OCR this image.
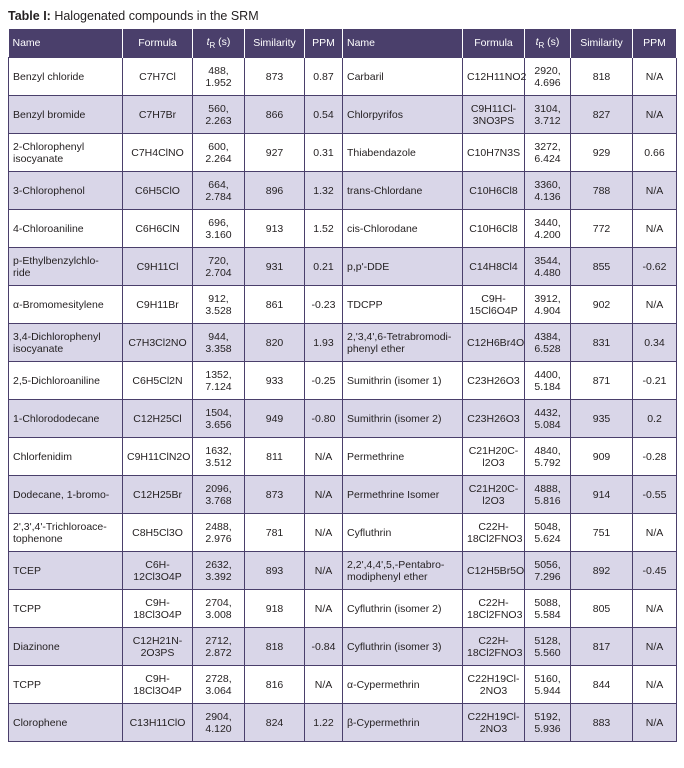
Table I: Halogenated compounds in the SRM
Name	Formula	$t_R$ (s)	Similarity	PPM	Name	Formula	$t_R$ (s)	Similarity	PPM
Benzyl chloride	C7H7Cl	488, 1.952	873	0.87	Carbaril	C12H11NO2	2920, 4.696	818	N/A
Benzyl bromide	C7H7Br	560, 2.263	866	0.54	Chlorpyrifos	C9H11Cl-3NO3PS	3104, 3.712	827	N/A
2-Chlorophenyl isocyanate	C7H4ClNO	600, 2.264	927	0.31	Thiabendazole	C10H7N3S	3272, 6.424	929	0.66
3-Chlorophenol	C6H5ClO	664, 2.784	896	1.32	trans-Chlordane	C10H6Cl8	3360, 4.136	788	N/A
4-Chloroaniline	C6H6ClN	696, 3.160	913	1.52	cis-Chlorodane	C10H6Cl8	3440, 4.200	772	N/A
p-Ethylbenzylchlo- ride	C9H11Cl	720, 2.704	931	0.21	p,p'-DDE	C14H8Cl4	3544, 4.480	855	-0.62
α-Bromomesitylene	C9H11Br	912, 3.528	861	-0.23	TDCPP	C9H-15Cl6O4P	3912, 4.904	902	N/A
3,4-Dichlorophenyl isocyanate	C7H3Cl2NO	944, 3.358	820	1.93	2,'3,4',6-Tetrabromodi- phenyl ether	C12H6Br4O	4384, 6.528	831	0.34
2,5-Dichloroaniline	C6H5Cl2N	1352, 7.124	933	-0.25	Sumithrin (isomer 1)	C23H26O3	4400, 5.184	871	-0.21
1-Chlorododecane	C12H25Cl	1504, 3.656	949	-0.80	Sumithrin (isomer 2)	C23H26O3	4432, 5.084	935	0.2
Chlorfenidim	C9H11ClN2O	1632, 3.512	811	N/A	Permethrine	C21H20C-l2O3	4840, 5.792	909	-0.28
Dodecane, 1-bromo-	C12H25Br	2096, 3.768	873	N/A	Permethrine Isomer	C21H20C-l2O3	4888, 5.816	914	-0.55
2',3',4'-Trichloroace- tophenone	C8H5Cl3O	2488, 2.976	781	N/A	Cyfluthrin	C22H-18Cl2FNO3	5048, 5.624	751	N/A
TCEP	C6H-12Cl3O4P	2632, 3.392	893	N/A	2,2',4,4',5,-Pentabro- modiphenyl ether	C12H5Br5O	5056, 7.296	892	-0.45
TCPP	C9H-18Cl3O4P	2704, 3.008	918	N/A	Cyfluthrin (isomer 2)	C22H-18Cl2FNO3	5088, 5.584	805	N/A
Diazinone	C12H21N-2O3PS	2712, 2.872	818	-0.84	Cyfluthrin (isomer 3)	C22H-18Cl2FNO3	5128, 5.560	817	N/A
TCPP	C9H-18Cl3O4P	2728, 3.064	816	N/A	α-Cypermethrin	C22H19Cl-2NO3	5160, 5.944	844	N/A
Clorophene	C13H11ClO	2904, 4.120	824	1.22	β-Cypermethrin	C22H19Cl-2NO3	5192, 5.936	883	N/A
